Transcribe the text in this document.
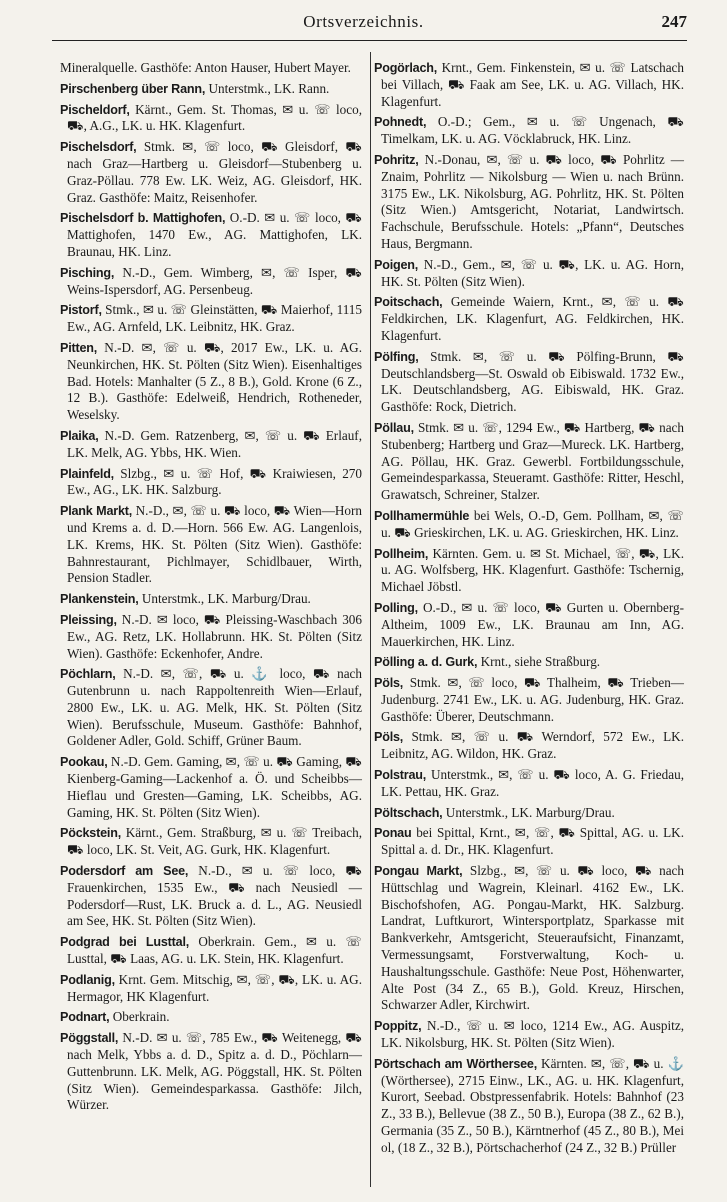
Ortsverzeichnis.	247
Mineralquelle. Gasthöfe: Anton Hauser, Hubert Mayer.
Pirschenberg über Rann, Unterstmk., LK. Rann.
Pischeldorf, Kärnt., Gem. St. Thomas, ✉ u. ☏ loco, ⛟, A.G., LK. u. HK. Klagenfurt.
Pischelsdorf, Stmk. ✉, ☏ loco, ⛟ Gleisdorf, ⛟ nach Graz—Hartberg u. Gleisdorf—Stubenberg u. Graz-Pöllau. 778 Ew. LK. Weiz, AG. Gleisdorf, HK. Graz. Gasthöfe: Maitz, Reisenhofer.
Pischelsdorf b. Mattighofen, O.-D. ✉ u. ☏ loco, ⛟ Mattighofen, 1470 Ew., AG. Mattighofen, LK. Braunau, HK. Linz.
Pisching, N.-D., Gem. Wimberg, ✉, ☏ Isper, ⛟ Weins-Ispersdorf, AG. Persenbeug.
Pistorf, Stmk., ✉ u. ☏ Gleinstätten, ⛟ Maierhof, 1115 Ew., AG. Arnfeld, LK. Leibnitz, HK. Graz.
Pitten, N.-D. ✉, ☏ u. ⛟, 2017 Ew., LK. u. AG. Neunkirchen, HK. St. Pölten (Sitz Wien). Eisenhaltiges Bad. Hotels: Manhalter (5 Z., 8 B.), Gold. Krone (6 Z., 12 B.). Gasthöfe: Edelweiß, Hendrich, Rotheneder, Weselsky.
Plaika, N.-D. Gem. Ratzenberg, ✉, ☏ u. ⛟ Erlauf, LK. Melk, AG. Ybbs, HK. Wien.
Plainfeld, Slzbg., ✉ u. ☏ Hof, ⛟ Kraiwiesen, 270 Ew., AG., LK. HK. Salzburg.
Plank Markt, N.-D., ✉, ☏ u. ⛟ loco, ⛟ Wien—Horn und Krems a. d. D.—Horn. 566 Ew. AG. Langenlois, LK. Krems, HK. St. Pölten (Sitz Wien). Gasthöfe: Bahnrestaurant, Pichlmayer, Schidlbauer, Wirth, Pension Stadler.
Plankenstein, Unterstmk., LK. Marburg/Drau.
Pleissing, N.-D. ✉ loco, ⛟ Pleissing-Waschbach 306 Ew., AG. Retz, LK. Hollabrunn. HK. St. Pölten (Sitz Wien). Gasthöfe: Eckenhofer, Andre.
Pöchlarn, N.-D. ✉, ☏, ⛟ u. ⚓ loco, ⛟ nach Gutenbrunn u. nach Rappoltenreith Wien—Erlauf, 2800 Ew., LK. u. AG. Melk, HK. St. Pölten (Sitz Wien). Berufsschule, Museum. Gasthöfe: Bahnhof, Goldener Adler, Gold. Schiff, Grüner Baum.
Pookau, N.-D. Gem. Gaming, ✉, ☏ u. ⛟ Gaming, ⛟ Kienberg-Gaming—Lackenhof a. Ö. und Scheibbs—Hieflau und Gresten—Gaming, LK. Scheibbs, AG. Gaming, HK. St. Pölten (Sitz Wien).
Pöckstein, Kärnt., Gem. Straßburg, ✉ u. ☏ Treibach, ⛟ loco, LK. St. Veit, AG. Gurk, HK. Klagenfurt.
Podersdorf am See, N.-D., ✉ u. ☏ loco, ⛟ Frauenkirchen, 1535 Ew., ⛟ nach Neusiedl —Podersdorf—Rust, LK. Bruck a. d. L., AG. Neusiedl am See, HK. St. Pölten (Sitz Wien).
Podgrad bei Lusttal, Oberkrain. Gem., ✉ u. ☏ Lusttal, ⛟ Laas, AG. u. LK. Stein, HK. Klagenfurt.
Podlanig, Krnt. Gem. Mitschig, ✉, ☏, ⛟, LK. u. AG. Hermagor, HK Klagenfurt.
Podnart, Oberkrain.
Pöggstall, N.-D. ✉ u. ☏, 785 Ew., ⛟ Weitenegg, ⛟ nach Melk, Ybbs a. d. D., Spitz a. d. D., Pöchlarn—Guttenbrunn. LK. Melk, AG. Pöggstall, HK. St. Pölten (Sitz Wien). Gemeindesparkassa. Gasthöfe: Jilch, Würzer.
Pogörlach, Krnt., Gem. Finkenstein, ✉ u. ☏ Latschach bei Villach, ⛟ Faak am See, LK. u. AG. Villach, HK. Klagenfurt.
Pohnedt, O.-D.; Gem., ✉ u. ☏ Ungenach, ⛟ Timelkam, LK. u. AG. Vöcklabruck, HK. Linz.
Pohritz, N.-Donau, ✉, ☏ u. ⛟ loco, ⛟ Pohrlitz — Znaim, Pohrlitz — Nikolsburg — Wien u. nach Brünn. 3175 Ew., LK. Nikolsburg, AG. Pohrlitz, HK. St. Pölten (Sitz Wien.) Amtsgericht, Notariat, Landwirtsch. Fachschule, Berufsschule. Hotels: „Pfann“, Deutsches Haus, Bergmann.
Poigen, N.-D., Gem., ✉, ☏ u. ⛟, LK. u. AG. Horn, HK. St. Pölten (Sitz Wien).
Poitschach, Gemeinde Waiern, Krnt., ✉, ☏ u. ⛟ Feldkirchen, LK. Klagenfurt, AG. Feldkirchen, HK. Klagenfurt.
Pölfing, Stmk. ✉, ☏ u. ⛟ Pölfing-Brunn, ⛟ Deutschlandsberg—St. Oswald ob Eibiswald. 1732 Ew., LK. Deutschlandsberg, AG. Eibiswald, HK. Graz. Gasthöfe: Rock, Dietrich.
Pöllau, Stmk. ✉ u. ☏, 1294 Ew., ⛟ Hartberg, ⛟ nach Stubenberg; Hartberg und Graz—Mureck. LK. Hartberg, AG. Pöllau, HK. Graz. Gewerbl. Fortbildungsschule, Gemeindesparkassa, Steueramt. Gasthöfe: Ritter, Heschl, Grawatsch, Schreiner, Stalzer.
Pollhamermühle bei Wels, O.-D, Gem. Pollham, ✉, ☏ u. ⛟ Grieskirchen, LK. u. AG. Grieskirchen, HK. Linz.
Pollheim, Kärnten. Gem. u. ✉ St. Michael, ☏, ⛟, LK. u. AG. Wolfsberg, HK. Klagenfurt. Gasthöfe: Tschernig, Michael Jöbstl.
Polling, O.-D., ✉ u. ☏ loco, ⛟ Gurten u. Obernberg-Altheim, 1009 Ew., LK. Braunau am Inn, AG. Mauerkirchen, HK. Linz.
Pölling a. d. Gurk, Krnt., siehe Straßburg.
Pöls, Stmk. ✉, ☏ loco, ⛟ Thalheim, ⛟ Trieben—Judenburg. 2741 Ew., LK. u. AG. Judenburg, HK. Graz. Gasthöfe: Überer, Deutschmann.
Pöls, Stmk. ✉, ☏ u. ⛟ Werndorf, 572 Ew., LK. Leibnitz, AG. Wildon, HK. Graz.
Polstrau, Unterstmk., ✉, ☏ u. ⛟ loco, A. G. Friedau, LK. Pettau, HK. Graz.
Pöltschach, Unterstmk., LK. Marburg/Drau.
Ponau bei Spittal, Krnt., ✉, ☏, ⛟ Spittal, AG. u. LK. Spittal a. d. Dr., HK. Klagenfurt.
Pongau Markt, Slzbg., ✉, ☏ u. ⛟ loco, ⛟ nach Hüttschlag und Wagrein, Kleinarl. 4162 Ew., LK. Bischofshofen, AG. Pongau-Markt, HK. Salzburg. Landrat, Luftkurort, Wintersportplatz, Sparkasse mit Bankverkehr, Amtsgericht, Steueraufsicht, Finanzamt, Vermessungsamt, Forstverwaltung, Koch- u. Haushaltungsschule. Gasthöfe: Neue Post, Höhenwarter, Alte Post (34 Z., 65 B.), Gold. Kreuz, Hirschen, Schwarzer Adler, Kirchwirt.
Poppitz, N.-D., ☏ u. ✉ loco, 1214 Ew., AG. Auspitz, LK. Nikolsburg, HK. St. Pölten (Sitz Wien).
Pörtschach am Wörthersee, Kärnten. ✉, ☏, ⛟ u. ⚓ (Wörthersee), 2715 Einw., LK., AG. u. HK. Klagenfurt, Kurort, Seebad. Obstpressenfabrik. Hotels: Bahnhof (23 Z., 33 B.), Bellevue (38 Z., 50 B.), Europa (38 Z., 62 B.), Germania (35 Z., 50 B.), Kärntnerhof (45 Z., 80 B.), Mei ol, (18 Z., 32 B.), Pörtschacherhof (24 Z., 32 B.) Prüller
